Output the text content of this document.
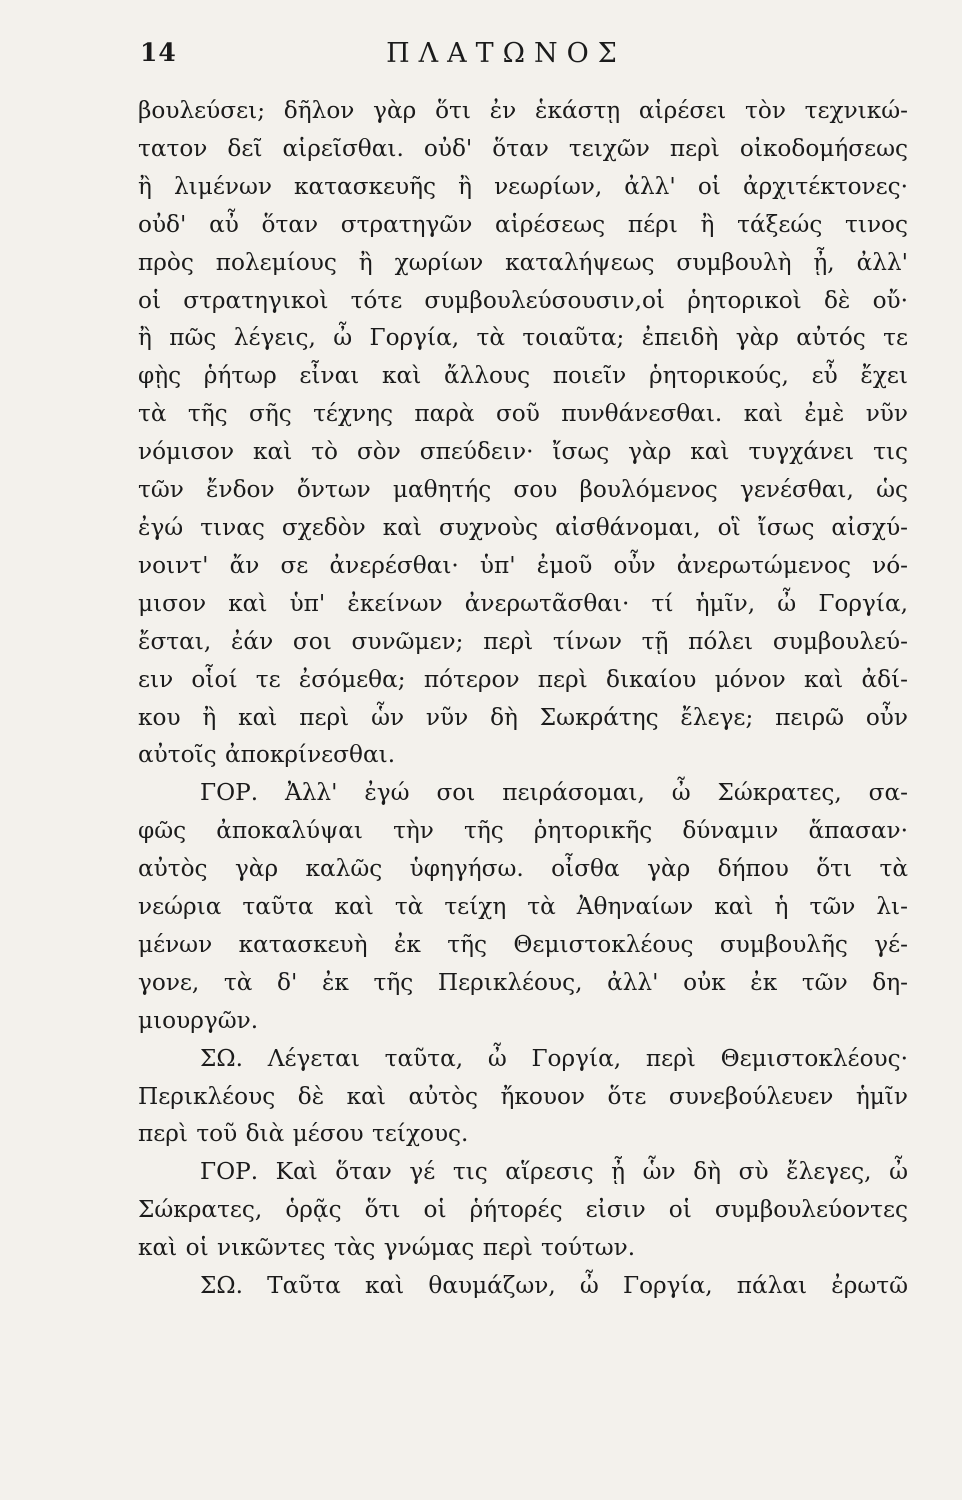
14	ΠΛΑΤΩΝΟΣ
βουλεύσει; δῆλον γὰρ ὅτι ἐν ἑκάστῃ αἱρέσει τὸν τεχνικώ-
τατον δεῖ αἱρεῖσθαι. οὐδ' ὅταν τειχῶν περὶ οἰκοδομήσεως
ἢ λιμένων κατασκευῆς ἢ νεωρίων, ἀλλ' οἱ ἀρχιτέκτονες·
οὐδ' αὖ ὅταν στρατηγῶν αἱρέσεως πέρι ἢ τάξεώς τινος
πρὸς πολεμίους ἢ χωρίων καταλήψεως συμβουλὴ ᾖ, ἀλλ'
οἱ στρατηγικοὶ τότε συμβουλεύσουσιν,οἱ ῥητορικοὶ δὲ οὔ·
ἢ πῶς λέγεις, ὦ Γοργία, τὰ τοιαῦτα; ἐπειδὴ γὰρ αὐτός τε
φῂς ῥήτωρ εἶναι καὶ ἄλλους ποιεῖν ῥητορικούς, εὖ ἔχει
τὰ τῆς σῆς τέχνης παρὰ σοῦ πυνθάνεσθαι. καὶ ἐμὲ νῦν
νόμισον καὶ τὸ σὸν σπεύδειν· ἴσως γὰρ καὶ τυγχάνει τις
τῶν ἔνδον ὄντων μαθητής σου βουλόμενος γενέσθαι, ὡς
ἐγώ τινας σχεδὸν καὶ συχνοὺς αἰσθάνομαι, οἳ ἴσως αἰσχύ-
νοιντ' ἄν σε ἀνερέσθαι· ὑπ' ἐμοῦ οὖν ἀνερωτώμενος νό-
μισον καὶ ὑπ' ἐκείνων ἀνερωτᾶσθαι· τί ἡμῖν, ὦ Γοργία,
ἔσται, ἐάν σοι συνῶμεν; περὶ τίνων τῇ πόλει συμβουλεύ-
ειν οἷοί τε ἐσόμεθα; πότερον περὶ δικαίου μόνον καὶ ἀδί-
κου ἢ καὶ περὶ ὧν νῦν δὴ Σωκράτης ἔλεγε; πειρῶ οὖν
αὐτοῖς ἀποκρίνεσθαι.
ΓΟΡ. Ἀλλ' ἐγώ σοι πειράσομαι, ὦ Σώκρατες, σα-
φῶς ἀποκαλύψαι τὴν τῆς ῥητορικῆς δύναμιν ἅπασαν·
αὐτὸς γὰρ καλῶς ὑφηγήσω. οἶσθα γὰρ δήπου ὅτι τὰ
νεώρια ταῦτα καὶ τὰ τείχη τὰ Ἀθηναίων καὶ ἡ τῶν λι-
μένων κατασκευὴ ἐκ τῆς Θεμιστοκλέους συμβουλῆς γέ-
γονε, τὰ δ' ἐκ τῆς Περικλέους, ἀλλ' οὐκ ἐκ τῶν δη-
μιουργῶν.
ΣΩ. Λέγεται ταῦτα, ὦ Γοργία, περὶ Θεμιστοκλέους·
Περικλέους δὲ καὶ αὐτὸς ἤκουον ὅτε συνεβούλευεν ἡμῖν
περὶ τοῦ διὰ μέσου τείχους.
ΓΟΡ. Καὶ ὅταν γέ τις αἵρεσις ᾖ ὧν δὴ σὺ ἔλεγες, ὦ
Σώκρατες, ὁρᾷς ὅτι οἱ ῥήτορές εἰσιν οἱ συμβουλεύοντες
καὶ οἱ νικῶντες τὰς γνώμας περὶ τούτων.
ΣΩ. Ταῦτα καὶ θαυμάζων, ὦ Γοργία, πάλαι ἐρωτῶ
